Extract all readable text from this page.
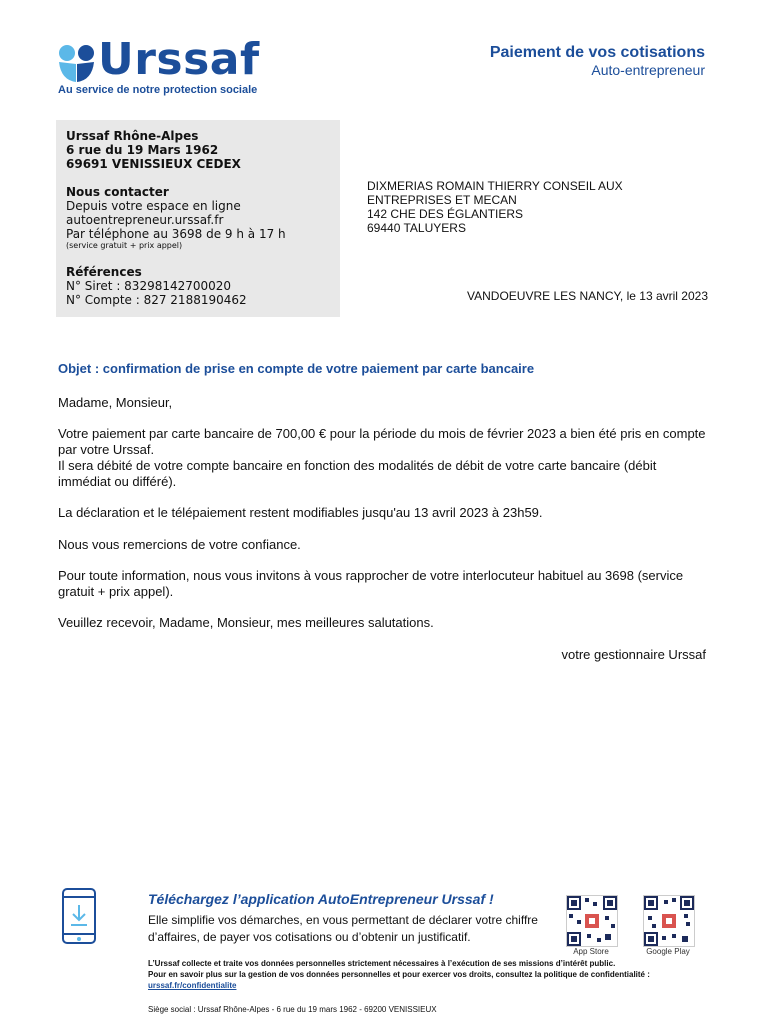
Urssaf
Au service de notre protection sociale
Paiement de vos cotisations
Auto-entrepreneur
Urssaf Rhône-Alpes
6 rue du 19 Mars 1962
69691 VENISSIEUX CEDEX
Nous contacter
Depuis votre espace en ligne
autoentrepreneur.urssaf.fr
Par téléphone au 3698 de 9 h à 17 h
(service gratuit + prix appel)
Références
N° Siret : 83298142700020
N° Compte : 827 2188190462
DIXMERIAS ROMAIN THIERRY CONSEIL AUX
ENTREPRISES ET MECAN
142 CHE DES ÉGLANTIERS
69440 TALUYERS
VANDOEUVRE LES NANCY, le 13 avril 2023
Objet : confirmation de prise en compte de votre paiement par carte bancaire
Madame, Monsieur,
Votre paiement par carte bancaire de 700,00 € pour la période du mois de février 2023 a bien été pris en compte par votre Urssaf.
Il sera débité de votre compte bancaire en fonction des modalités de débit de votre carte bancaire (débit immédiat ou différé).
La déclaration et le télépaiement restent modifiables jusqu'au 13 avril 2023 à 23h59.
Nous vous remercions de votre confiance.
Pour toute information, nous vous invitons à vous rapprocher de votre interlocuteur habituel au 3698 (service gratuit + prix appel).
Veuillez recevoir, Madame, Monsieur, mes meilleures salutations.
votre gestionnaire Urssaf
Téléchargez l’application AutoEntrepreneur Urssaf !
Elle simplifie vos démarches, en vous permettant de déclarer votre chiffre d’affaires, de payer vos cotisations ou d’obtenir un justificatif.
App Store	Google Play
L’Urssaf collecte et traite vos données personnelles strictement nécessaires à l’exécution de ses missions d’intérêt public.
Pour en savoir plus sur la gestion de vos données personnelles et pour exercer vos droits, consultez la politique de confidentialité :
urssaf.fr/confidentialite
Siège social : Urssaf Rhône-Alpes - 6 rue du 19 mars 1962 - 69200 VENISSIEUX
